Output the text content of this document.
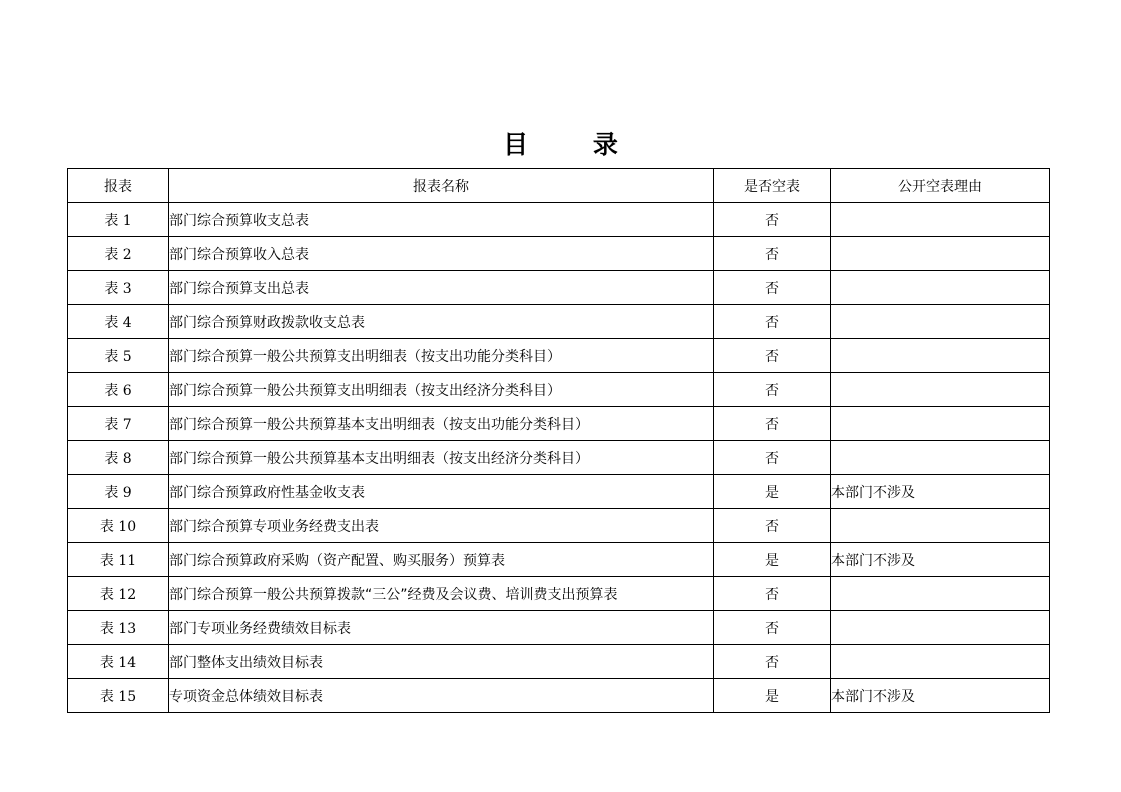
目 录
报表	报表名称	是否空表	公开空表理由
表 1	部门综合预算收支总表	否	
表 2	部门综合预算收入总表	否	
表 3	部门综合预算支出总表	否	
表 4	部门综合预算财政拨款收支总表	否	
表 5	部门综合预算一般公共预算支出明细表（按支出功能分类科目）	否	
表 6	部门综合预算一般公共预算支出明细表（按支出经济分类科目）	否	
表 7	部门综合预算一般公共预算基本支出明细表（按支出功能分类科目）	否	
表 8	部门综合预算一般公共预算基本支出明细表（按支出经济分类科目）	否	
表 9	部门综合预算政府性基金收支表	是	本部门不涉及
表 10	部门综合预算专项业务经费支出表	否	
表 11	部门综合预算政府采购（资产配置、购买服务）预算表	是	本部门不涉及
表 12	部门综合预算一般公共预算拨款“三公”经费及会议费、培训费支出预算表	否	
表 13	部门专项业务经费绩效目标表	否	
表 14	部门整体支出绩效目标表	否	
表 15	专项资金总体绩效目标表	是	本部门不涉及
